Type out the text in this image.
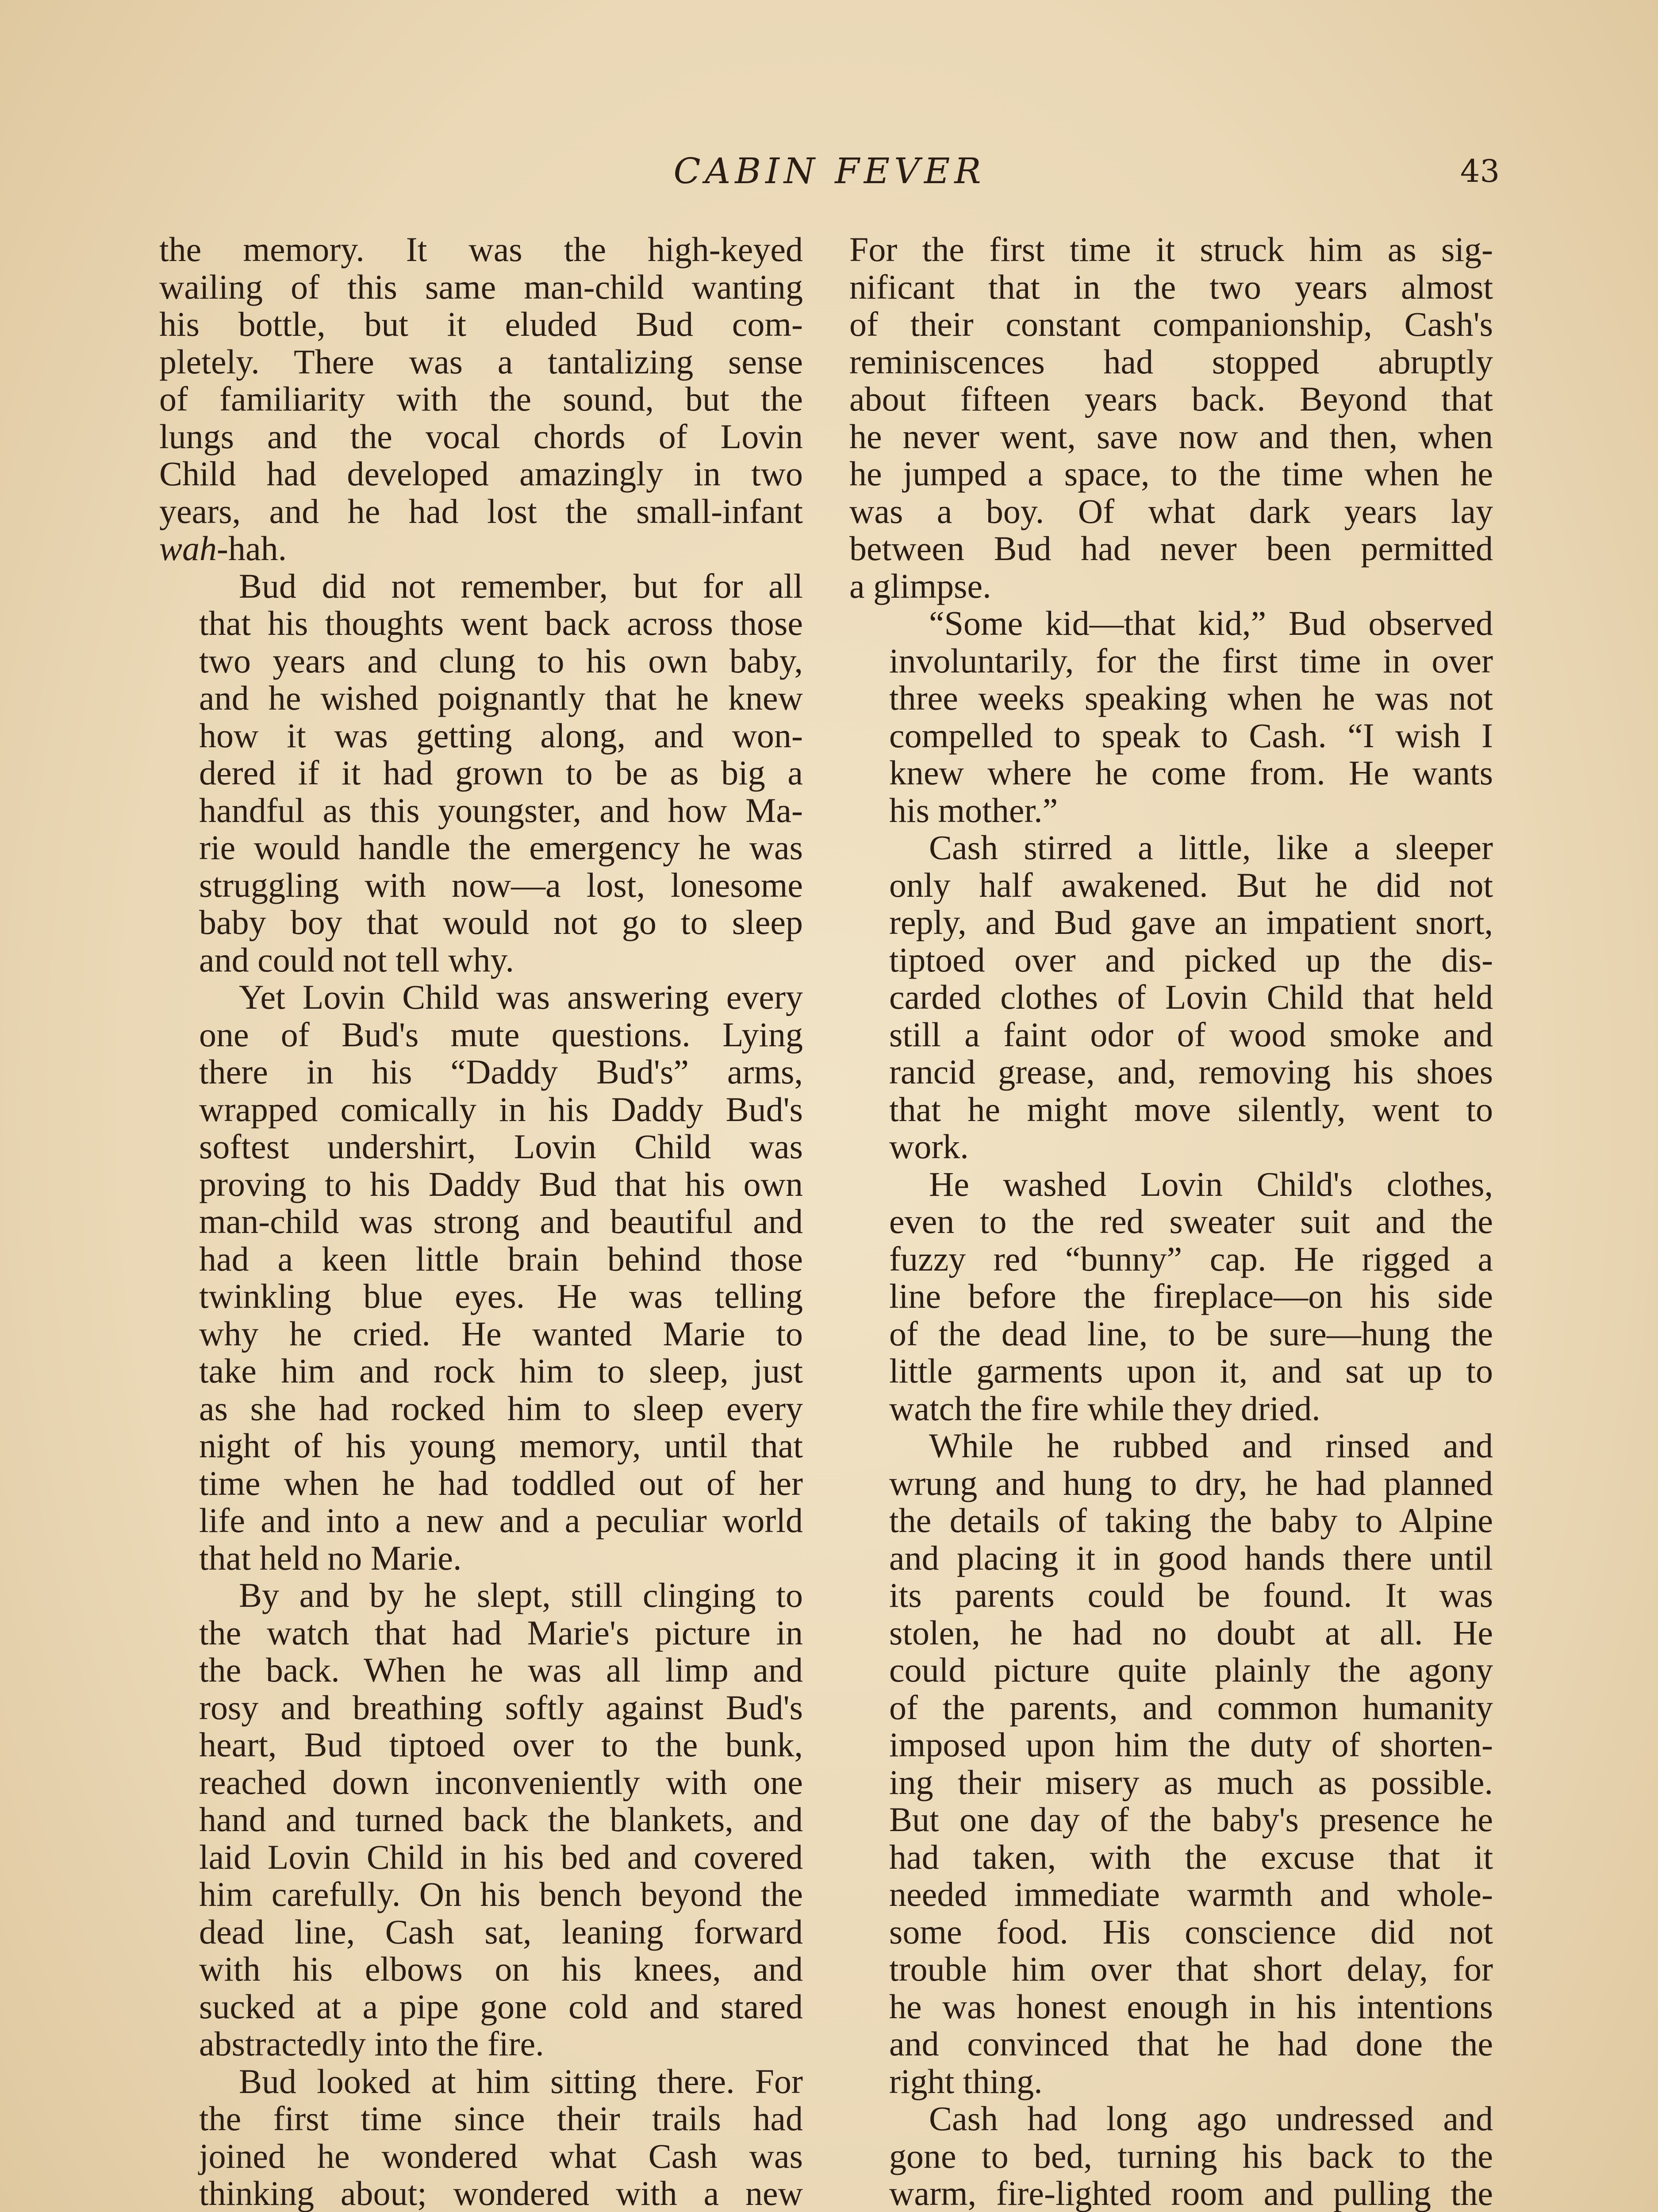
CABIN FEVER	43

the memory. It was the high-keyed
wailing of this same man-child wanting
his bottle, but it eluded Bud com-
pletely. There was a tantalizing sense
of familiarity with the sound, but the
lungs and the vocal chords of Lovin
Child had developed amazingly in two
years, and he had lost the small-infant
wah-hah.

Bud did not remember, but for all
that his thoughts went back across those
two years and clung to his own baby,
and he wished poignantly that he knew
how it was getting along, and won-
dered if it had grown to be as big a
handful as this youngster, and how Ma-
rie would handle the emergency he was
struggling with now—a lost, lonesome
baby boy that would not go to sleep
and could not tell why.

Yet Lovin Child was answering every
one of Bud's mute questions. Lying
there in his “Daddy Bud's” arms,
wrapped comically in his Daddy Bud's
softest undershirt, Lovin Child was
proving to his Daddy Bud that his own
man-child was strong and beautiful and
had a keen little brain behind those
twinkling blue eyes. He was telling
why he cried. He wanted Marie to
take him and rock him to sleep, just
as she had rocked him to sleep every
night of his young memory, until that
time when he had toddled out of her
life and into a new and a peculiar world
that held no Marie.

By and by he slept, still clinging to
the watch that had Marie's picture in
the back. When he was all limp and
rosy and breathing softly against Bud's
heart, Bud tiptoed over to the bunk,
reached down inconveniently with one
hand and turned back the blankets, and
laid Lovin Child in his bed and covered
him carefully. On his bench beyond the
dead line, Cash sat, leaning forward
with his elbows on his knees, and
sucked at a pipe gone cold and stared
abstractedly into the fire.

Bud looked at him sitting there. For
the first time since their trails had
joined he wondered what Cash was
thinking about; wondered with a new

For the first time it struck him as sig-
nificant that in the two years almost
of their constant companionship, Cash's
reminiscences had stopped abruptly
about fifteen years back. Beyond that
he never went, save now and then, when
he jumped a space, to the time when he
was a boy. Of what dark years lay
between Bud had never been permitted
a glimpse.

“Some kid—that kid,” Bud observed
involuntarily, for the first time in over
three weeks speaking when he was not
compelled to speak to Cash. “I wish I
knew where he come from. He wants
his mother.”

Cash stirred a little, like a sleeper
only half awakened. But he did not
reply, and Bud gave an impatient snort,
tiptoed over and picked up the dis-
carded clothes of Lovin Child that held
still a faint odor of wood smoke and
rancid grease, and, removing his shoes
that he might move silently, went to
work.

He washed Lovin Child's clothes,
even to the red sweater suit and the
fuzzy red “bunny” cap. He rigged a
line before the fireplace—on his side
of the dead line, to be sure—hung the
little garments upon it, and sat up to
watch the fire while they dried.

While he rubbed and rinsed and
wrung and hung to dry, he had planned
the details of taking the baby to Alpine
and placing it in good hands there until
its parents could be found. It was
stolen, he had no doubt at all. He
could picture quite plainly the agony
of the parents, and common humanity
imposed upon him the duty of shorten-
ing their misery as much as possible.
But one day of the baby's presence he
had taken, with the excuse that it
needed immediate warmth and whole-
some food. His conscience did not
trouble him over that short delay, for
he was honest enough in his intentions
and convinced that he had done the
right thing.

Cash had long ago undressed and
gone to bed, turning his back to the
warm, fire-lighted room and pulling the
